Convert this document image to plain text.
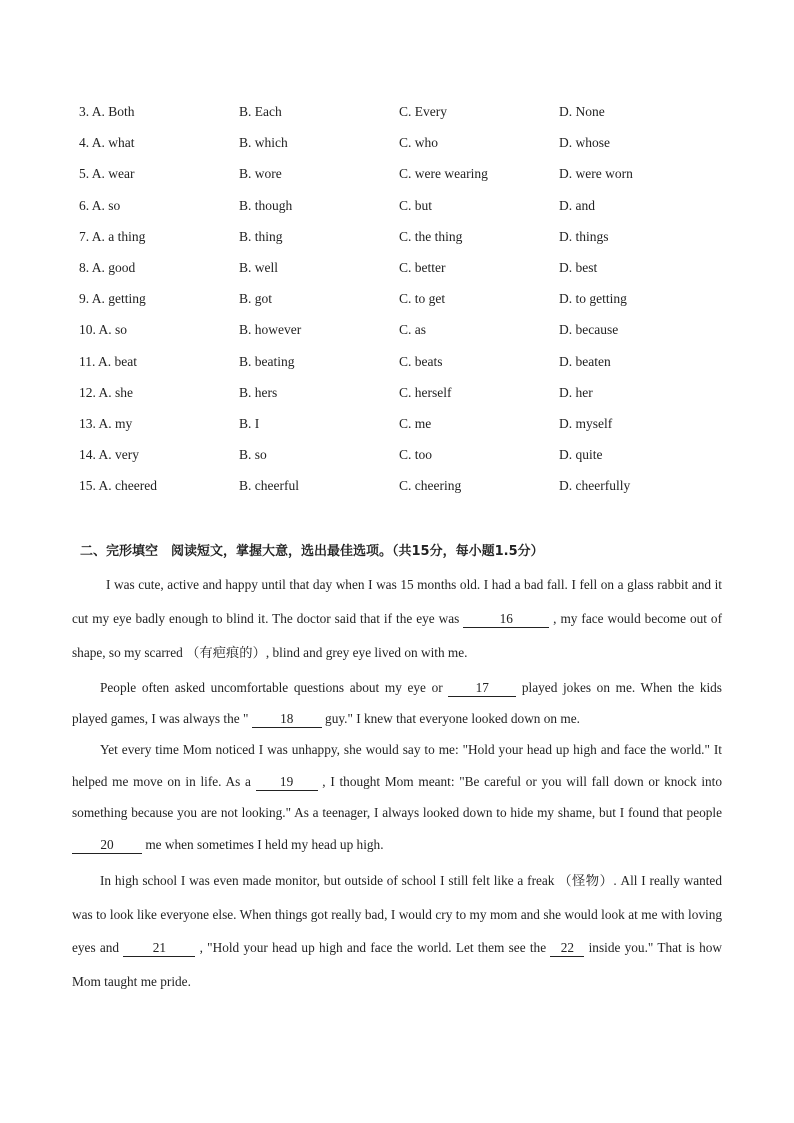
3. A. Both	B. Each	C. Every	D. None
4. A. what	B. which	C. who	D. whose
5. A. wear	B. wore	C. were wearing	D. were worn
6. A. so	B. though	C. but	D. and
7. A. a thing	B. thing	C. the thing	D. things
8. A. good	B. well	C. better	D. best
9. A. getting	B. got	C. to get	D. to getting
10. A. so	B. however	C. as	D. because
11. A. beat	B. beating	C. beats	D. beaten
12. A. she	B. hers	C. herself	D. her
13. A. my	B. I	C. me	D. myself
14. A. very	B. so	C. too	D. quite
15. A. cheered	B. cheerful	C. cheering	D. cheerfully
二、完形填空　阅读短文，掌握大意，选出最佳选项。（共15分，每小题1.5分）

I was cute, active and happy until that day when I was 15 months old. I had a bad fall. I fell on a glass rabbit and it cut my eye badly enough to blind it. The doctor said that if the eye was	16	, my face would become out of shape, so my scarred （有疤痕的）, blind and grey eye lived on with me.

People often asked uncomfortable questions about my eye or 17 played jokes on me. When the kids played games, I was always the " 18 guy." I knew that everyone looked down on me.

Yet every time Mom noticed I was unhappy, she would say to me: "Hold your head up high and face the world." It helped me move on in life. As a 19 , I thought Mom meant: "Be careful or you will fall down or knock into something because you are not looking." As a teenager, I always looked down to hide my shame, but I found that people 20 me when sometimes I held my head up high.

In high school I was even made monitor, but outside of school I still felt like a freak （怪物）. All I really wanted was to look like everyone else. When things got really bad, I would cry to my mom and she would look at me with loving eyes and 21 , "Hold your head up high and face the world. Let them see the 22 inside you." That is how Mom taught me pride.
